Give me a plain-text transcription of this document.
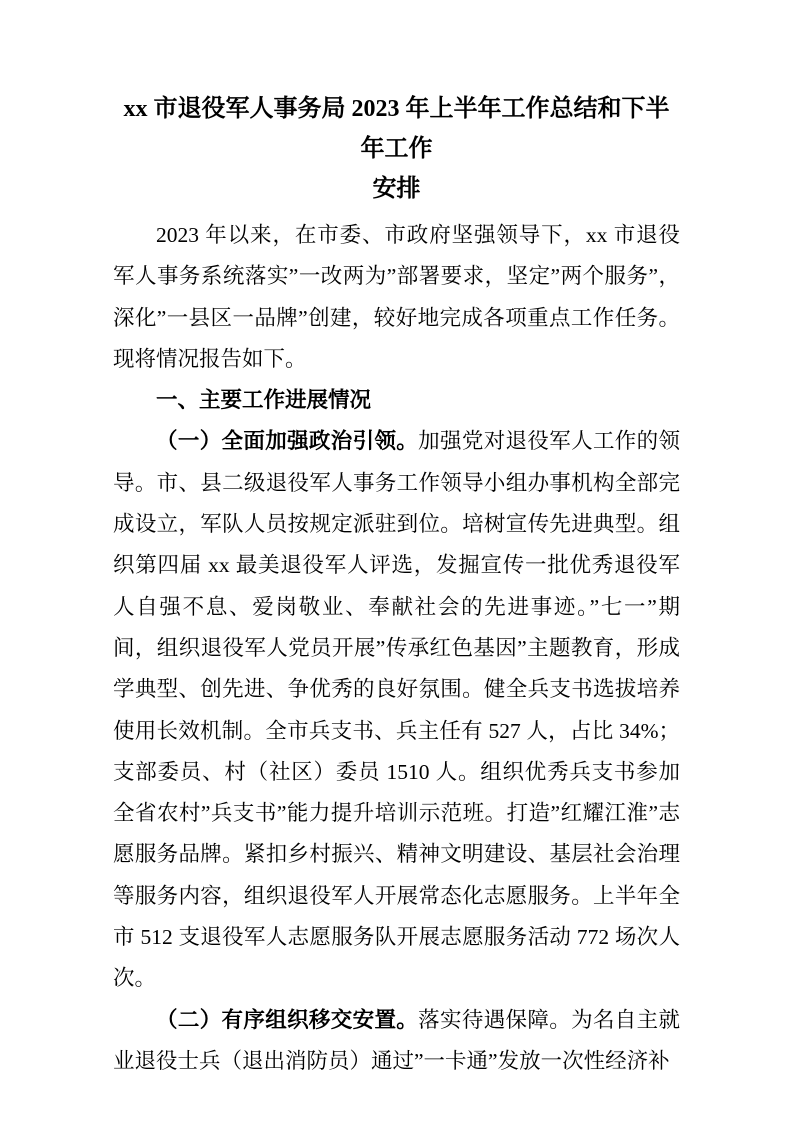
xx 市退役军人事务局 2023 年上半年工作总结和下半年工作
安排

2023 年以来，在市委、市政府坚强领导下，xx 市退役军人事务系统落实”一改两为”部署要求，坚定”两个服务”，深化”一县区一品牌”创建，较好地完成各项重点工作任务。现将情况报告如下。

一、主要工作进展情况

（一）全面加强政治引领。加强党对退役军人工作的领导。市、县二级退役军人事务工作领导小组办事机构全部完成设立，军队人员按规定派驻到位。培树宣传先进典型。组织第四届 xx 最美退役军人评选，发掘宣传一批优秀退役军人自强不息、爱岗敬业、奉献社会的先进事迹。”七一”期间，组织退役军人党员开展”传承红色基因”主题教育，形成学典型、创先进、争优秀的良好氛围。健全兵支书选拔培养使用长效机制。全市兵支书、兵主任有 527 人，占比 34%；支部委员、村（社区）委员 1510 人。组织优秀兵支书参加全省农村”兵支书”能力提升培训示范班。打造”红耀江淮”志愿服务品牌。紧扣乡村振兴、精神文明建设、基层社会治理等服务内容，组织退役军人开展常态化志愿服务。上半年全市 512 支退役军人志愿服务队开展志愿服务活动 772 场次人次。

（二）有序组织移交安置。落实待遇保障。为名自主就业退役士兵（退出消防员）通过”一卡通”发放一次性经济补
